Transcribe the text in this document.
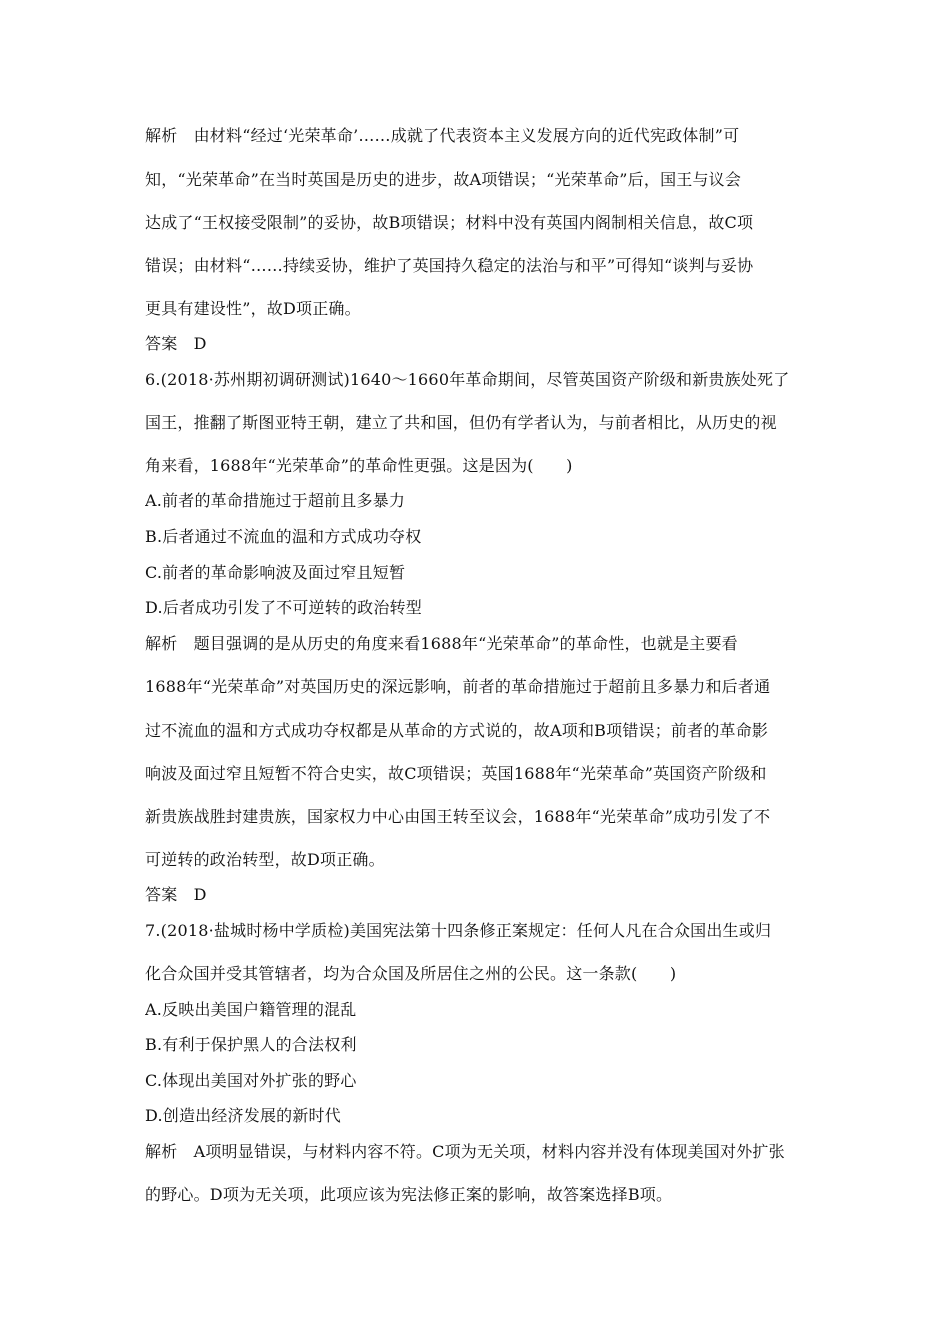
解析　由材料“经过‘光荣革命’……成就了代表资本主义发展方向的近代宪政体制”可
知，“光荣革命”在当时英国是历史的进步，故A项错误；“光荣革命”后，国王与议会
达成了“王权接受限制”的妥协，故B项错误；材料中没有英国内阁制相关信息，故C项
错误；由材料“……持续妥协，维护了英国持久稳定的法治与和平”可得知“谈判与妥协
更具有建设性”，故D项正确。
答案　D
6.(2018·苏州期初调研测试)1640～1660年革命期间，尽管英国资产阶级和新贵族处死了
国王，推翻了斯图亚特王朝，建立了共和国，但仍有学者认为，与前者相比，从历史的视
角来看，1688年“光荣革命”的革命性更强。这是因为(　　)
A.前者的革命措施过于超前且多暴力
B.后者通过不流血的温和方式成功夺权
C.前者的革命影响波及面过窄且短暂
D.后者成功引发了不可逆转的政治转型
解析　题目强调的是从历史的角度来看1688年“光荣革命”的革命性，也就是主要看
1688年“光荣革命”对英国历史的深远影响，前者的革命措施过于超前且多暴力和后者通
过不流血的温和方式成功夺权都是从革命的方式说的，故A项和B项错误；前者的革命影
响波及面过窄且短暂不符合史实，故C项错误；英国1688年“光荣革命”英国资产阶级和
新贵族战胜封建贵族，国家权力中心由国王转至议会，1688年“光荣革命”成功引发了不
可逆转的政治转型，故D项正确。
答案　D
7.(2018·盐城时杨中学质检)美国宪法第十四条修正案规定：任何人凡在合众国出生或归
化合众国并受其管辖者，均为合众国及所居住之州的公民。这一条款(　　)
A.反映出美国户籍管理的混乱
B.有利于保护黑人的合法权利
C.体现出美国对外扩张的野心
D.创造出经济发展的新时代
解析　A项明显错误，与材料内容不符。C项为无关项，材料内容并没有体现美国对外扩张
的野心。D项为无关项，此项应该为宪法修正案的影响，故答案选择B项。
